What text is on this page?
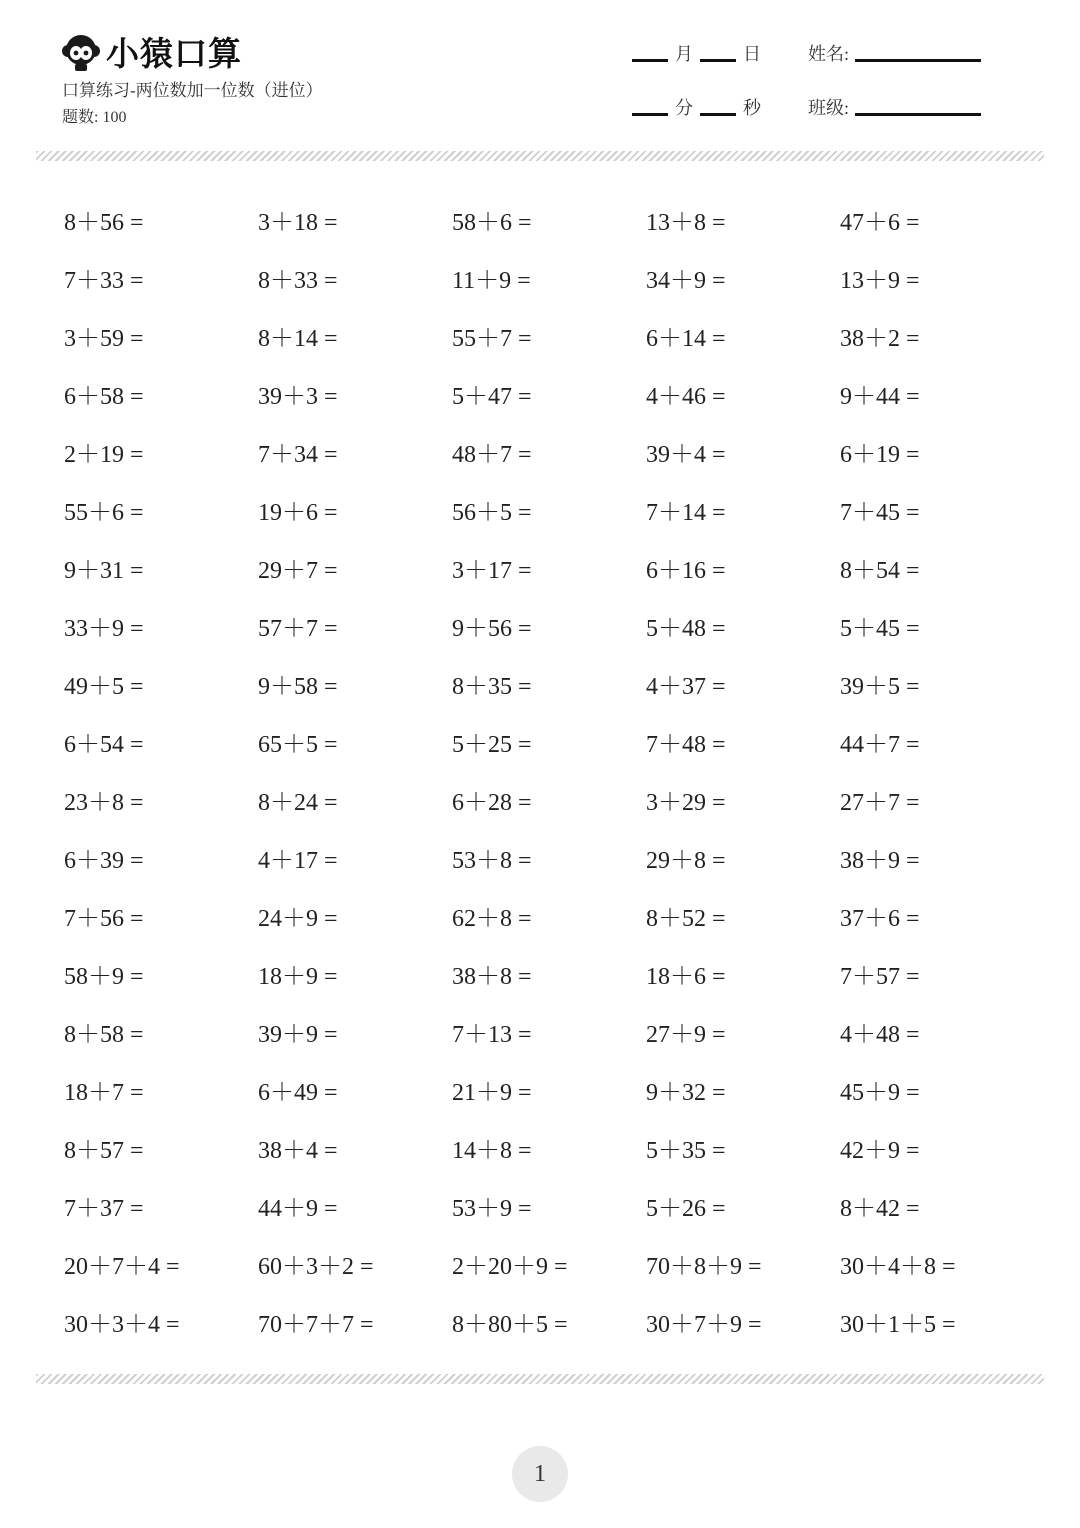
小猿口算
口算练习-两位数加一位数（进位）
题数: 100
月	日	姓名:
分	秒	班级:
8＋56 =	3＋18 =	58＋6 =	13＋8 =	47＋6 =
7＋33 =	8＋33 =	11＋9 =	34＋9 =	13＋9 =
3＋59 =	8＋14 =	55＋7 =	6＋14 =	38＋2 =
6＋58 =	39＋3 =	5＋47 =	4＋46 =	9＋44 =
2＋19 =	7＋34 =	48＋7 =	39＋4 =	6＋19 =
55＋6 =	19＋6 =	56＋5 =	7＋14 =	7＋45 =
9＋31 =	29＋7 =	3＋17 =	6＋16 =	8＋54 =
33＋9 =	57＋7 =	9＋56 =	5＋48 =	5＋45 =
49＋5 =	9＋58 =	8＋35 =	4＋37 =	39＋5 =
6＋54 =	65＋5 =	5＋25 =	7＋48 =	44＋7 =
23＋8 =	8＋24 =	6＋28 =	3＋29 =	27＋7 =
6＋39 =	4＋17 =	53＋8 =	29＋8 =	38＋9 =
7＋56 =	24＋9 =	62＋8 =	8＋52 =	37＋6 =
58＋9 =	18＋9 =	38＋8 =	18＋6 =	7＋57 =
8＋58 =	39＋9 =	7＋13 =	27＋9 =	4＋48 =
18＋7 =	6＋49 =	21＋9 =	9＋32 =	45＋9 =
8＋57 =	38＋4 =	14＋8 =	5＋35 =	42＋9 =
7＋37 =	44＋9 =	53＋9 =	5＋26 =	8＋42 =
20＋7＋4 =	60＋3＋2 =	2＋20＋9 =	70＋8＋9 =	30＋4＋8 =
30＋3＋4 =	70＋7＋7 =	8＋80＋5 =	30＋7＋9 =	30＋1＋5 =
1
